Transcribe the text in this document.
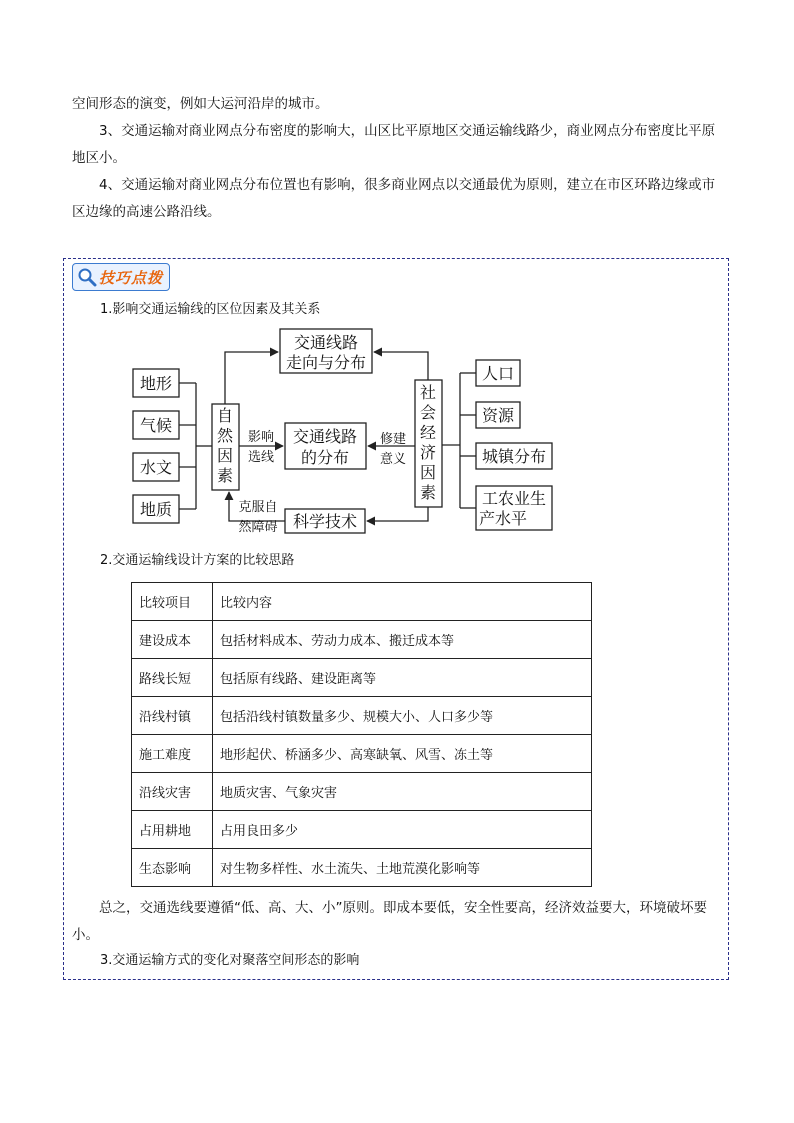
空间形态的演变，例如大运河沿岸的城市。
3、交通运输对商业网点分布密度的影响大，山区比平原地区交通运输线路少，商业网点分布密度比平原地区小。
4、交通运输对商业网点分布位置也有影响，很多商业网点以交通最优为原则，建立在市区环路边缘或市区边缘的高速公路沿线。
技巧点拨
1.影响交通运输线的区位因素及其关系
地形
气候
水文
地质
自
然
因
素
交通线路
走向与分布
交通线路
的分布
科学技术
社
会
经
济
因
素
人口
资源
城镇分布
工农业生
产水平
影响
选线
修建
意义
克服自
然障碍
2.交通运输线设计方案的比较思路
比较项目	比较内容
建设成本	包括材料成本、劳动力成本、搬迁成本等
路线长短	包括原有线路、建设距离等
沿线村镇	包括沿线村镇数量多少、规模大小、人口多少等
施工难度	地形起伏、桥涵多少、高寒缺氧、风雪、冻土等
沿线灾害	地质灾害、气象灾害
占用耕地	占用良田多少
生态影响	对生物多样性、水土流失、土地荒漠化影响等
总之，交通选线要遵循“低、高、大、小”原则。即成本要低，安全性要高，经济效益要大，环境破坏要小。
3.交通运输方式的变化对聚落空间形态的影响
